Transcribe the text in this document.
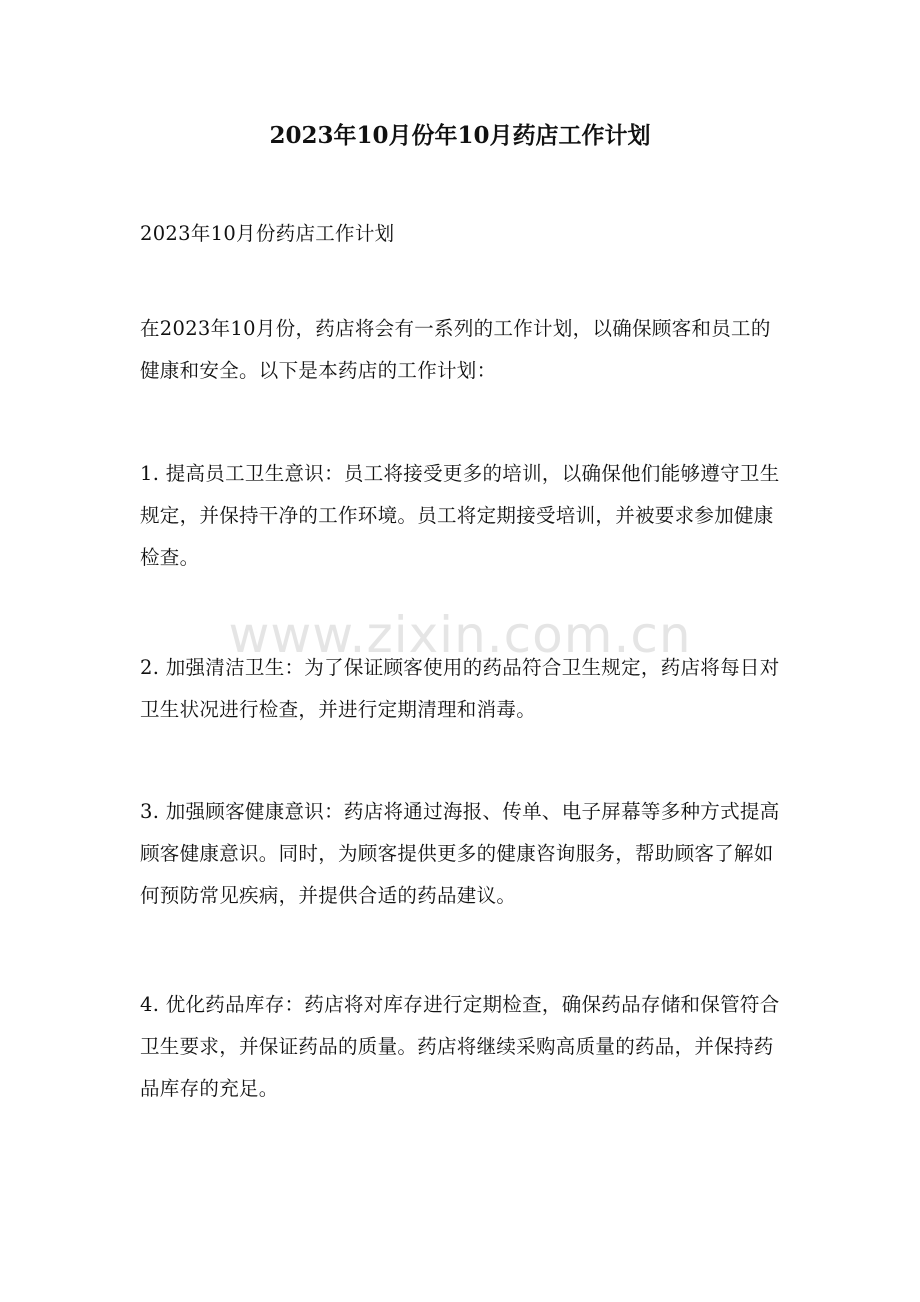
2023年10月份年10月药店工作计划

2023年10月份药店工作计划

在2023年10月份，药店将会有一系列的工作计划，以确保顾客和员工的健康和安全。以下是本药店的工作计划：

1. 提高员工卫生意识：员工将接受更多的培训，以确保他们能够遵守卫生规定，并保持干净的工作环境。员工将定期接受培训，并被要求参加健康检查。

2. 加强清洁卫生：为了保证顾客使用的药品符合卫生规定，药店将每日对卫生状况进行检查，并进行定期清理和消毒。

3. 加强顾客健康意识：药店将通过海报、传单、电子屏幕等多种方式提高顾客健康意识。同时，为顾客提供更多的健康咨询服务，帮助顾客了解如何预防常见疾病，并提供合适的药品建议。

4. 优化药品库存：药店将对库存进行定期检查，确保药品存储和保管符合卫生要求，并保证药品的质量。药店将继续采购高质量的药品，并保持药品库存的充足。

www.zixin.com.cn
